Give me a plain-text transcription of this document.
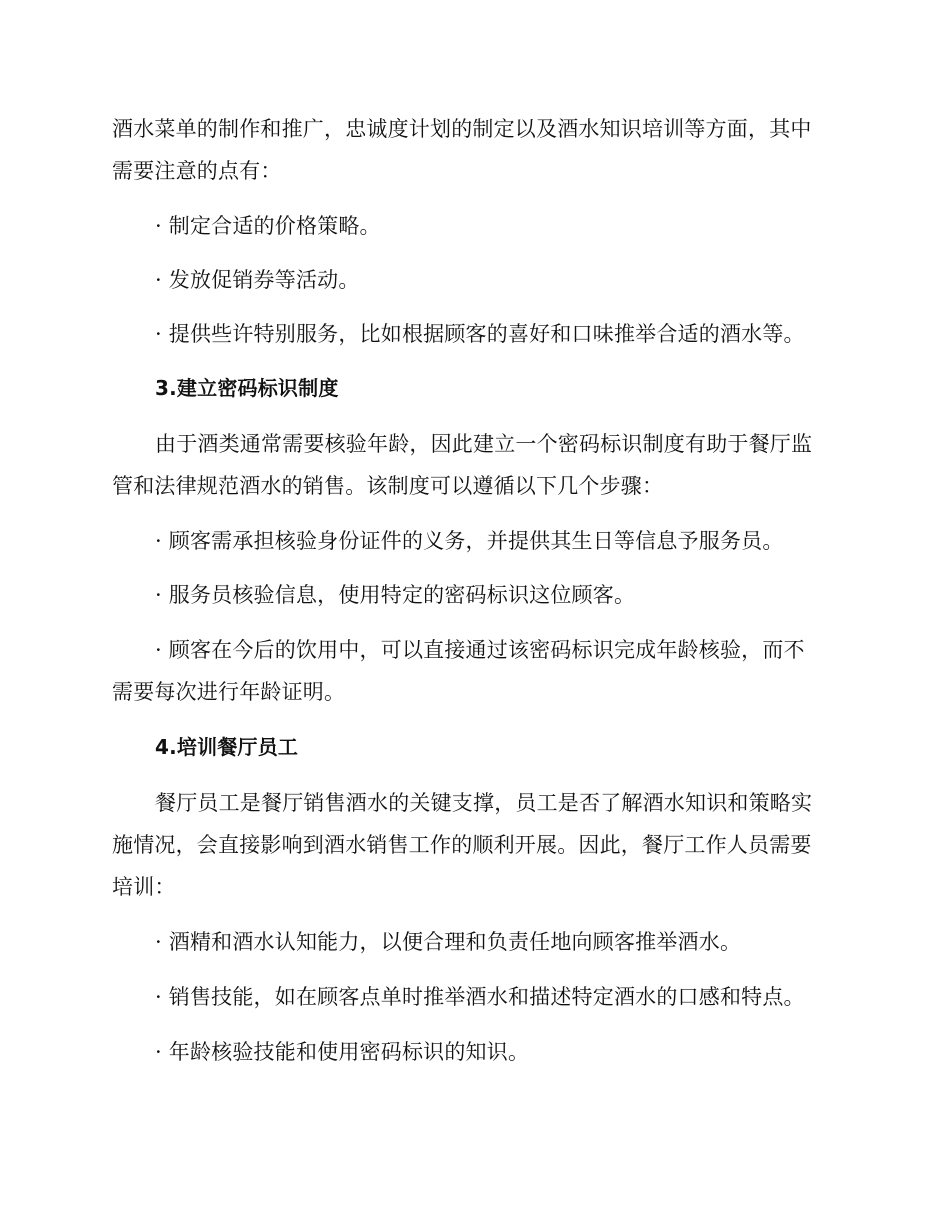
酒水菜单的制作和推广，忠诚度计划的制定以及酒水知识培训等方面，其中
需要注意的点有：
· 制定合适的价格策略。
· 发放促销券等活动。
· 提供些许特别服务，比如根据顾客的喜好和口味推举合适的酒水等。
3.建立密码标识制度
由于酒类通常需要核验年龄，因此建立一个密码标识制度有助于餐厅监
管和法律规范酒水的销售。该制度可以遵循以下几个步骤：
· 顾客需承担核验身份证件的义务，并提供其生日等信息予服务员。
· 服务员核验信息，使用特定的密码标识这位顾客。
· 顾客在今后的饮用中，可以直接通过该密码标识完成年龄核验，而不
需要每次进行年龄证明。
4.培训餐厅员工
餐厅员工是餐厅销售酒水的关键支撑，员工是否了解酒水知识和策略实
施情况，会直接影响到酒水销售工作的顺利开展。因此，餐厅工作人员需要
培训：
· 酒精和酒水认知能力，以便合理和负责任地向顾客推举酒水。
· 销售技能，如在顾客点单时推举酒水和描述特定酒水的口感和特点。
· 年龄核验技能和使用密码标识的知识。
